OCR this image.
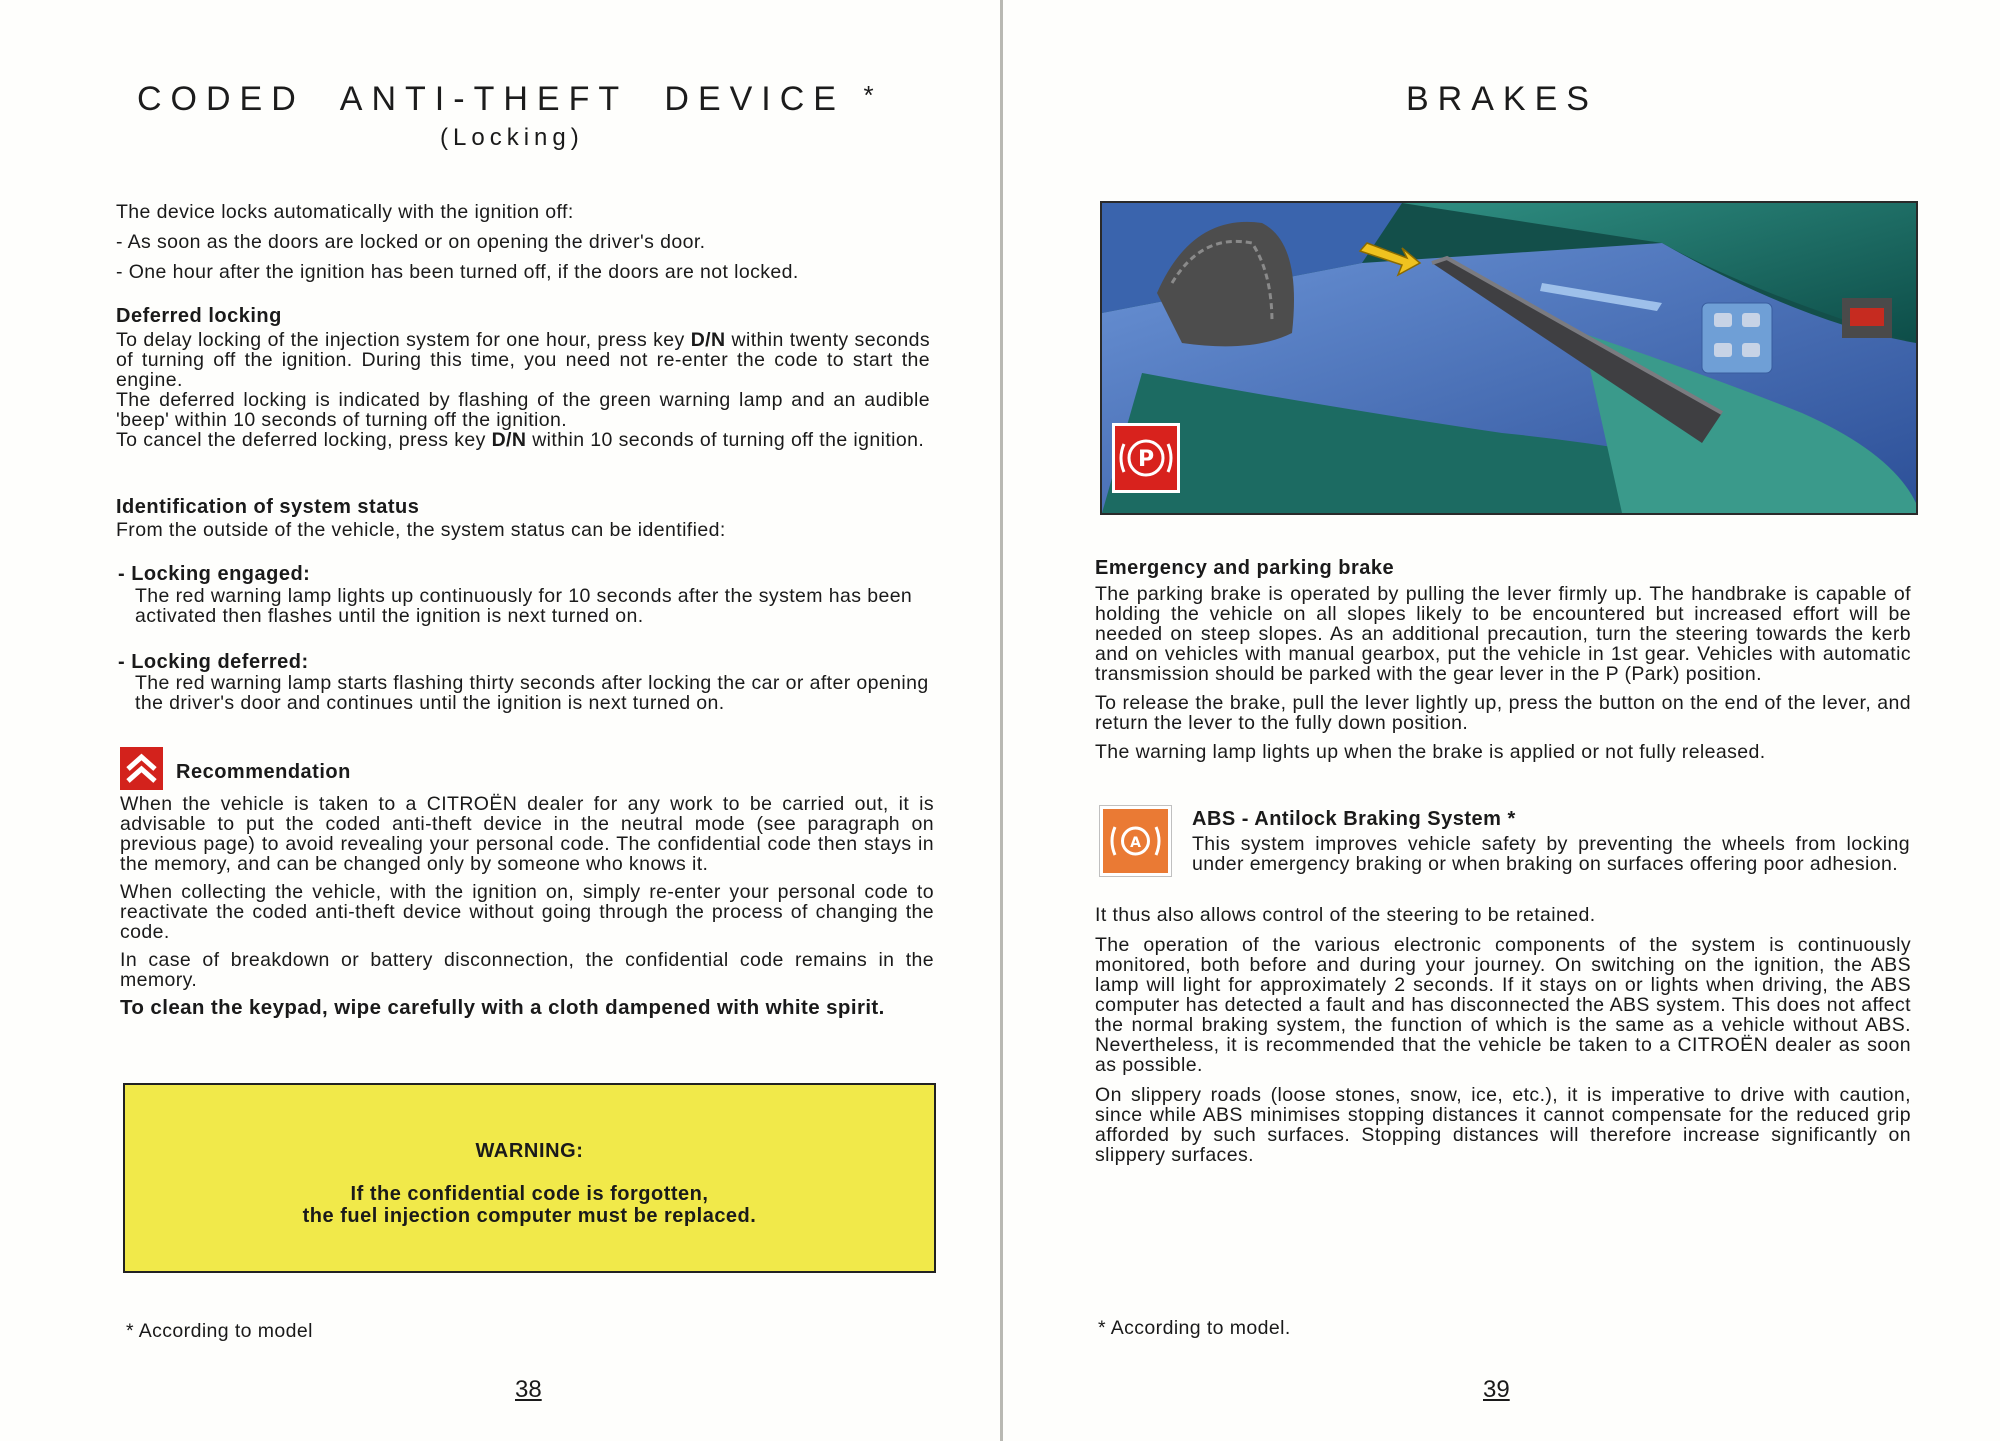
CODED  ANTI-THEFT  DEVICE *
(Locking)

The device locks automatically with the ignition off:

- As soon as the doors are locked or on opening the driver's door.

- One hour after the ignition has been turned off, if the doors are not locked.

Deferred locking
To delay locking of the injection system for one hour, press key D/N within twenty seconds of turning off the ignition. During this time, you need not re-enter the code to start the engine.
The deferred locking is indicated by flashing of the green warning lamp and an audible 'beep' within 10 seconds of turning off the ignition.
To cancel the deferred locking, press key D/N within 10 seconds of turning off the ignition.
Identification of system status
From the outside of the vehicle, the system status can be identified:
- Locking engaged:
The red warning lamp lights up continuously for 10 seconds after the system has been activated then flashes until the ignition is next turned on.
- Locking deferred:
The red warning lamp starts flashing thirty seconds after locking the car or after opening the driver's door and continues until the ignition is next turned on.
Recommendation

When the vehicle is taken to a CITROËN dealer for any work to be carried out, it is advisable to put the coded anti-theft device in the neutral mode (see paragraph on previous page) to avoid revealing your personal code. The confidential code then stays in the memory, and can be changed only by someone who knows it.

When collecting the vehicle, with the ignition on, simply re-enter your personal code to reactivate the coded anti-theft device without going through the process of changing the code.

In case of breakdown or battery disconnection, the confidential code remains in the memory.

To clean the keypad, wipe carefully with a cloth dampened with white spirit.

WARNING:
If the confidential code is forgotten,
the fuel injection computer must be replaced.
* According to model
38
BRAKES
P
Emergency and parking brake

The parking brake is operated by pulling the lever firmly up. The handbrake is capable of holding the vehicle on all slopes likely to be encountered but increased effort will be needed on steep slopes. As an additional precaution, turn the steering towards the kerb and on vehicles with manual gearbox, put the vehicle in 1st gear. Vehicles with automatic transmission should be parked with the gear lever in the P (Park) position.

To release the brake, pull the lever lightly up, press the button on the end of the lever, and return the lever to the fully down position.

The warning lamp lights up when the brake is applied or not fully released.

A
ABS - Antilock Braking System *
This system improves vehicle safety by preventing the wheels from locking under emergency braking or when braking on surfaces offering poor adhesion.

It thus also allows control of the steering to be retained.

The operation of the various electronic components of the system is continuously monitored, both before and during your journey. On switching on the ignition, the ABS lamp will light for approximately 2 seconds. If it stays on or lights when driving, the ABS computer has detected a fault and has disconnected the ABS system. This does not affect the normal braking system, the function of which is the same as a vehicle without ABS. Nevertheless, it is recommended that the vehicle be taken to a CITROËN dealer as soon as possible.

On slippery roads (loose stones, snow, ice, etc.), it is imperative to drive with caution, since while ABS minimises stopping distances it cannot compensate for the reduced grip afforded by such surfaces. Stopping distances will therefore increase significantly on slippery surfaces.

* According to model.
39
